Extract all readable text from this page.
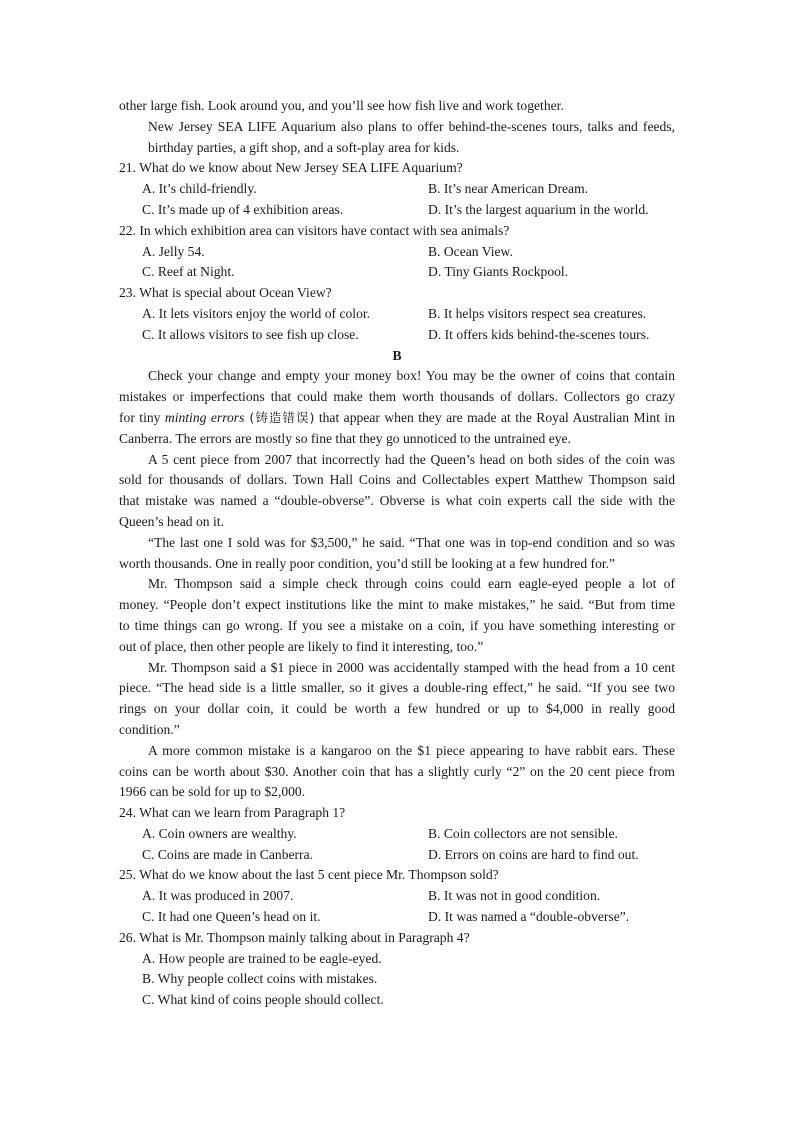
other large fish. Look around you, and you’ll see how fish live and work together.
New Jersey SEA LIFE Aquarium also plans to offer behind-the-scenes tours, talks and feeds,
birthday parties, a gift shop, and a soft-play area for kids.
21. What do we know about New Jersey SEA LIFE Aquarium?
A. It’s child-friendly.	B. It’s near American Dream.
C. It’s made up of 4 exhibition areas.	D. It’s the largest aquarium in the world.
22. In which exhibition area can visitors have contact with sea animals?
A. Jelly 54.	B. Ocean View.
C. Reef at Night.	D. Tiny Giants Rockpool.
23. What is special about Ocean View?
A. It lets visitors enjoy the world of color.	B. It helps visitors respect sea creatures.
C. It allows visitors to see fish up close.	D. It offers kids behind-the-scenes tours.
B
Check your change and empty your money box! You may be the owner of coins that contain
mistakes or imperfections that could make them worth thousands of dollars. Collectors go crazy
for tiny minting errors (铸造错误) that appear when they are made at the Royal Australian Mint in
Canberra. The errors are mostly so fine that they go unnoticed to the untrained eye.
A 5 cent piece from 2007 that incorrectly had the Queen’s head on both sides of the coin was
sold for thousands of dollars. Town Hall Coins and Collectables expert Matthew Thompson said
that mistake was named a “double-obverse”. Obverse is what coin experts call the side with the
Queen’s head on it.
“The last one I sold was for $3,500,” he said. “That one was in top-end condition and so was
worth thousands. One in really poor condition, you’d still be looking at a few hundred for.”
Mr. Thompson said a simple check through coins could earn eagle-eyed people a lot of
money. “People don’t expect institutions like the mint to make mistakes,” he said. “But from time
to time things can go wrong. If you see a mistake on a coin, if you have something interesting or
out of place, then other people are likely to find it interesting, too.”
Mr. Thompson said a $1 piece in 2000 was accidentally stamped with the head from a 10 cent
piece. “The head side is a little smaller, so it gives a double-ring effect,” he said. “If you see two
rings on your dollar coin, it could be worth a few hundred or up to $4,000 in really good
condition.”
A more common mistake is a kangaroo on the $1 piece appearing to have rabbit ears. These
coins can be worth about $30. Another coin that has a slightly curly “2” on the 20 cent piece from
1966 can be sold for up to $2,000.
24. What can we learn from Paragraph 1?
A. Coin owners are wealthy.	B. Coin collectors are not sensible.
C. Coins are made in Canberra.	D. Errors on coins are hard to find out.
25. What do we know about the last 5 cent piece Mr. Thompson sold?
A. It was produced in 2007.	B. It was not in good condition.
C. It had one Queen’s head on it.	D. It was named a “double-obverse”.
26. What is Mr. Thompson mainly talking about in Paragraph 4?
A. How people are trained to be eagle-eyed.
B. Why people collect coins with mistakes.
C. What kind of coins people should collect.
